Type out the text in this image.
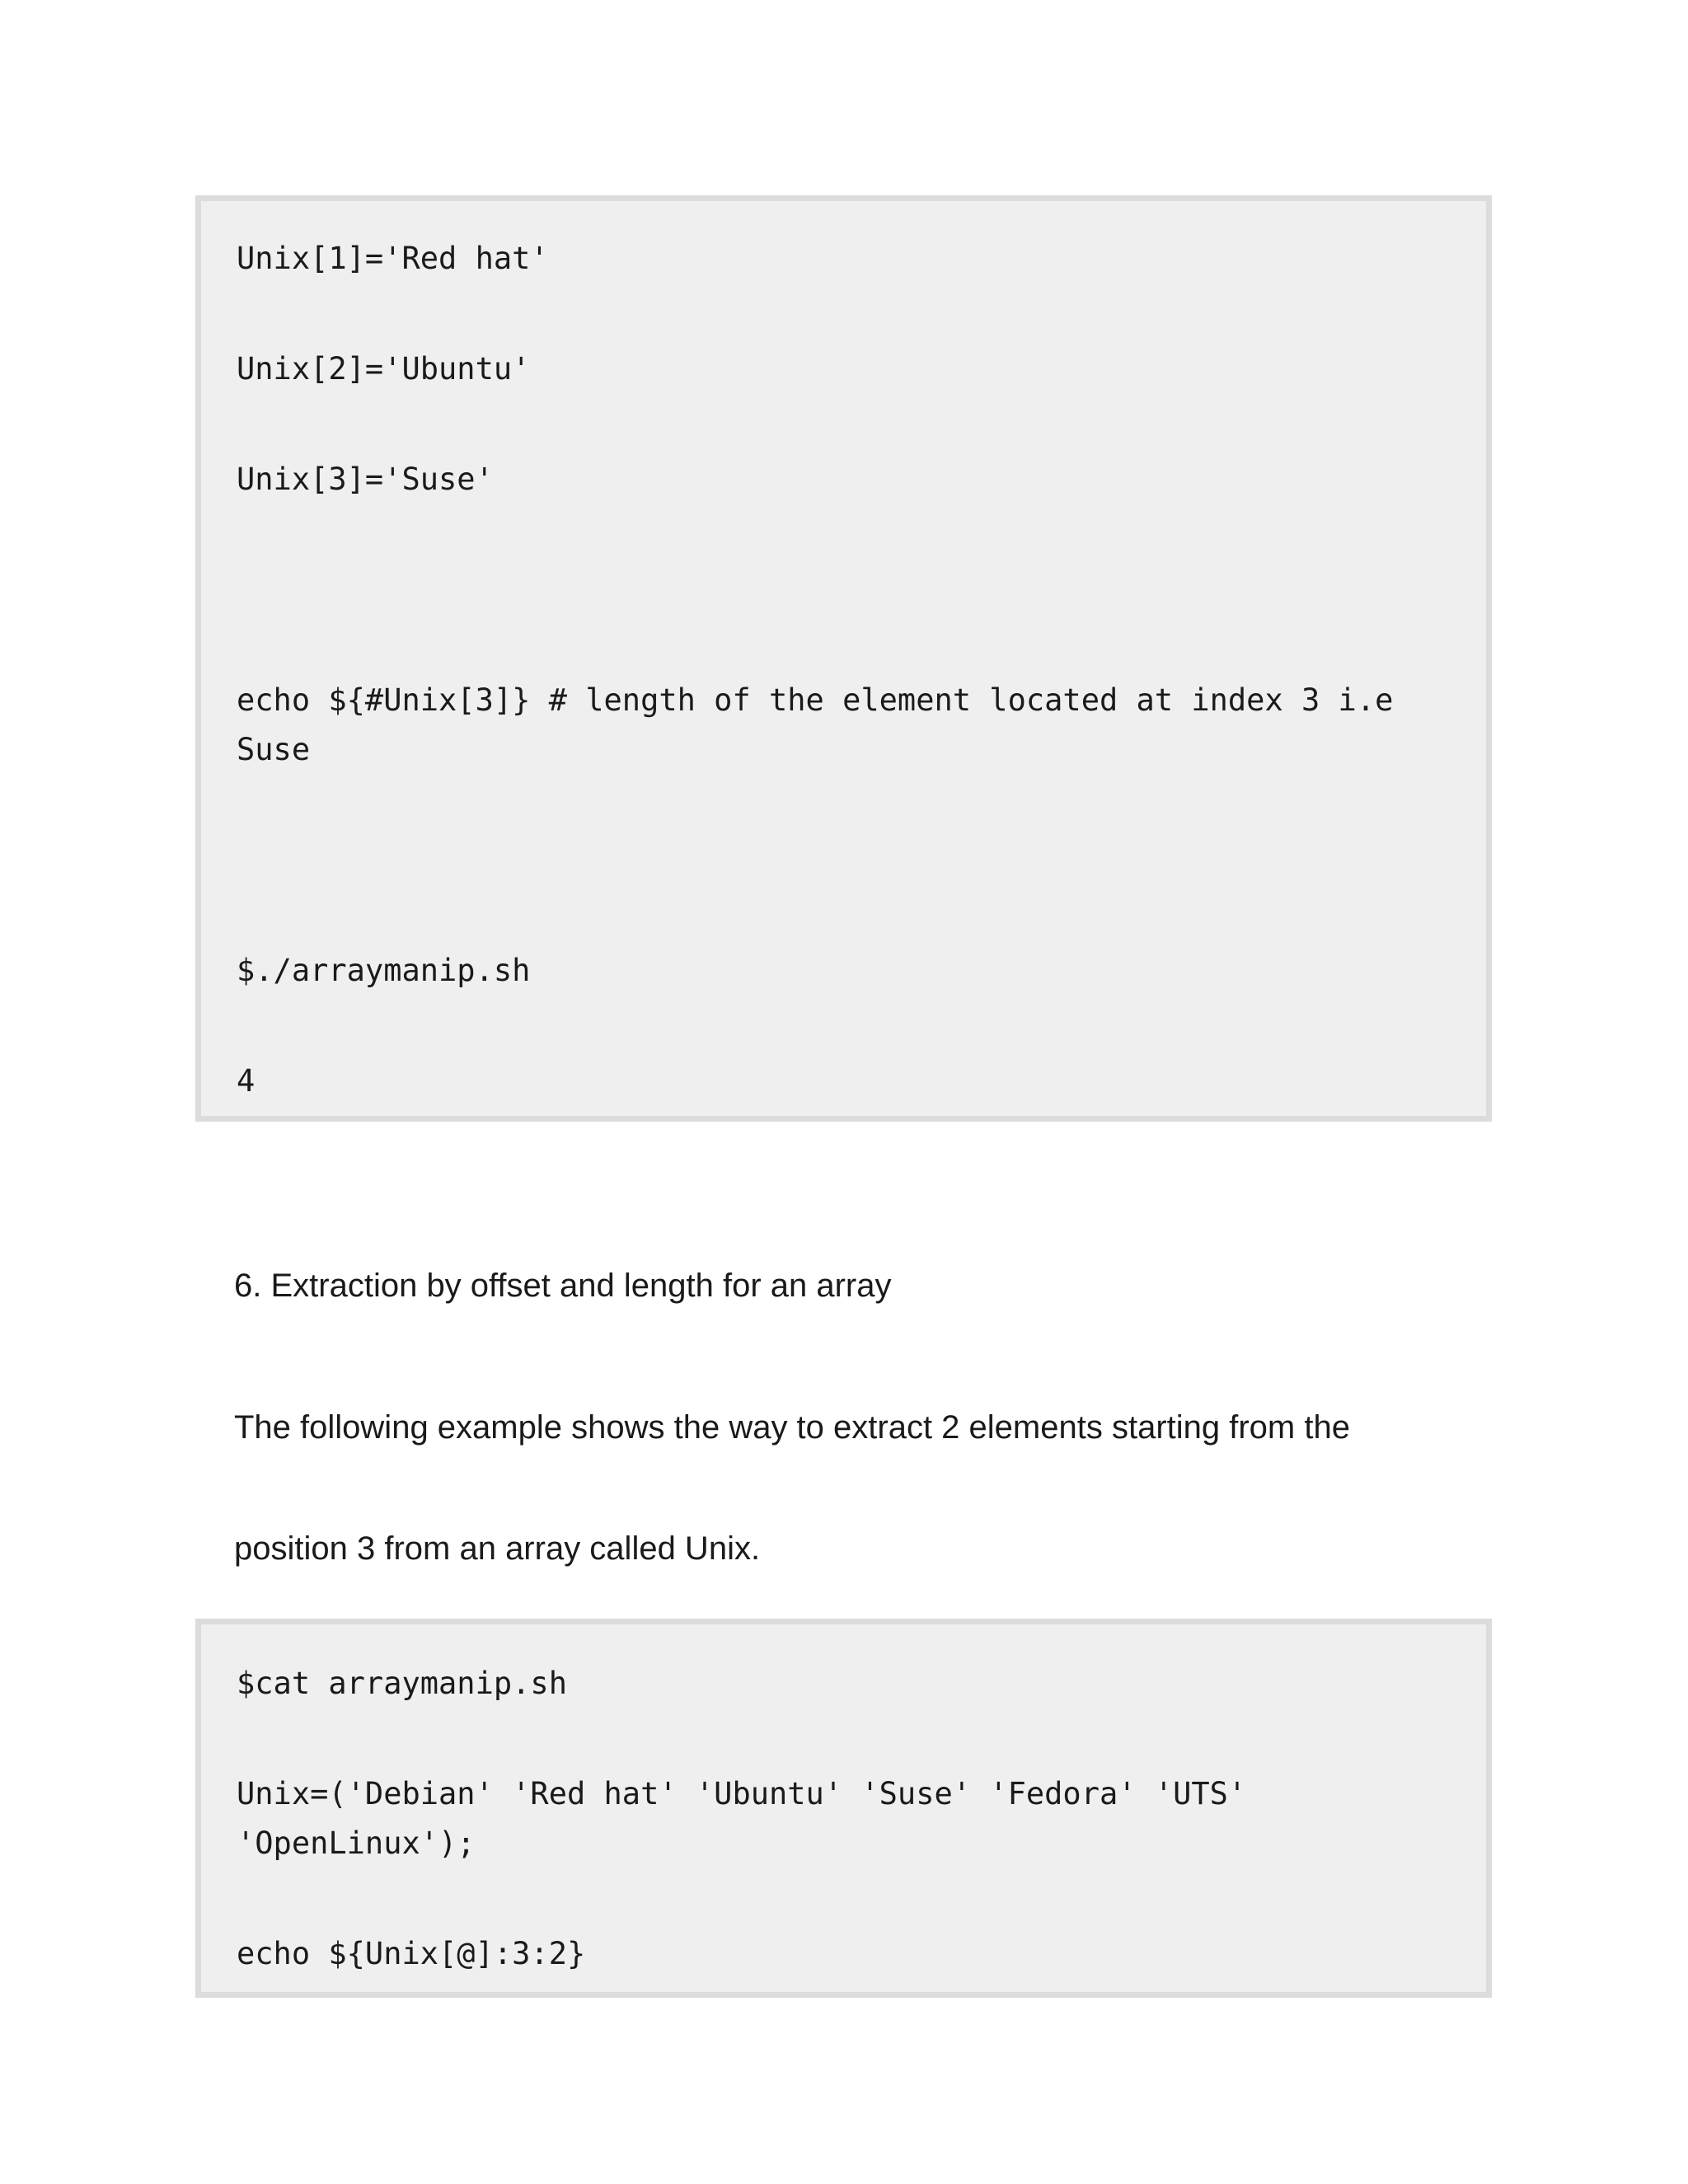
Unix[1]='Red hat'
Unix[2]='Ubuntu'
Unix[3]='Suse'
echo ${#Unix[3]} # length of the element located at index 3 i.e
Suse
$./arraymanip.sh
4
6. Extraction by offset and length for an array
The following example shows the way to extract 2 elements starting from the
position 3 from an array called Unix.
$cat arraymanip.sh
Unix=('Debian' 'Red hat' 'Ubuntu' 'Suse' 'Fedora' 'UTS'
'OpenLinux');
echo ${Unix[@]:3:2}
